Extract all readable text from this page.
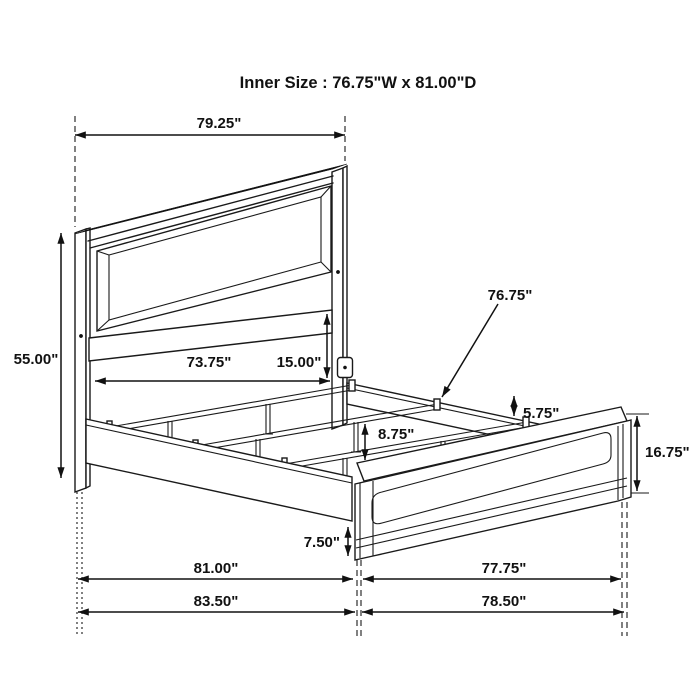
79.25"
55.00"	73.75"	15.00"
76.75"
5.75"
8.75"
16.75"
7.50"
81.00"	77.75"
83.50"	78.50"
Inner Size : 76.75"W x 81.00"D
